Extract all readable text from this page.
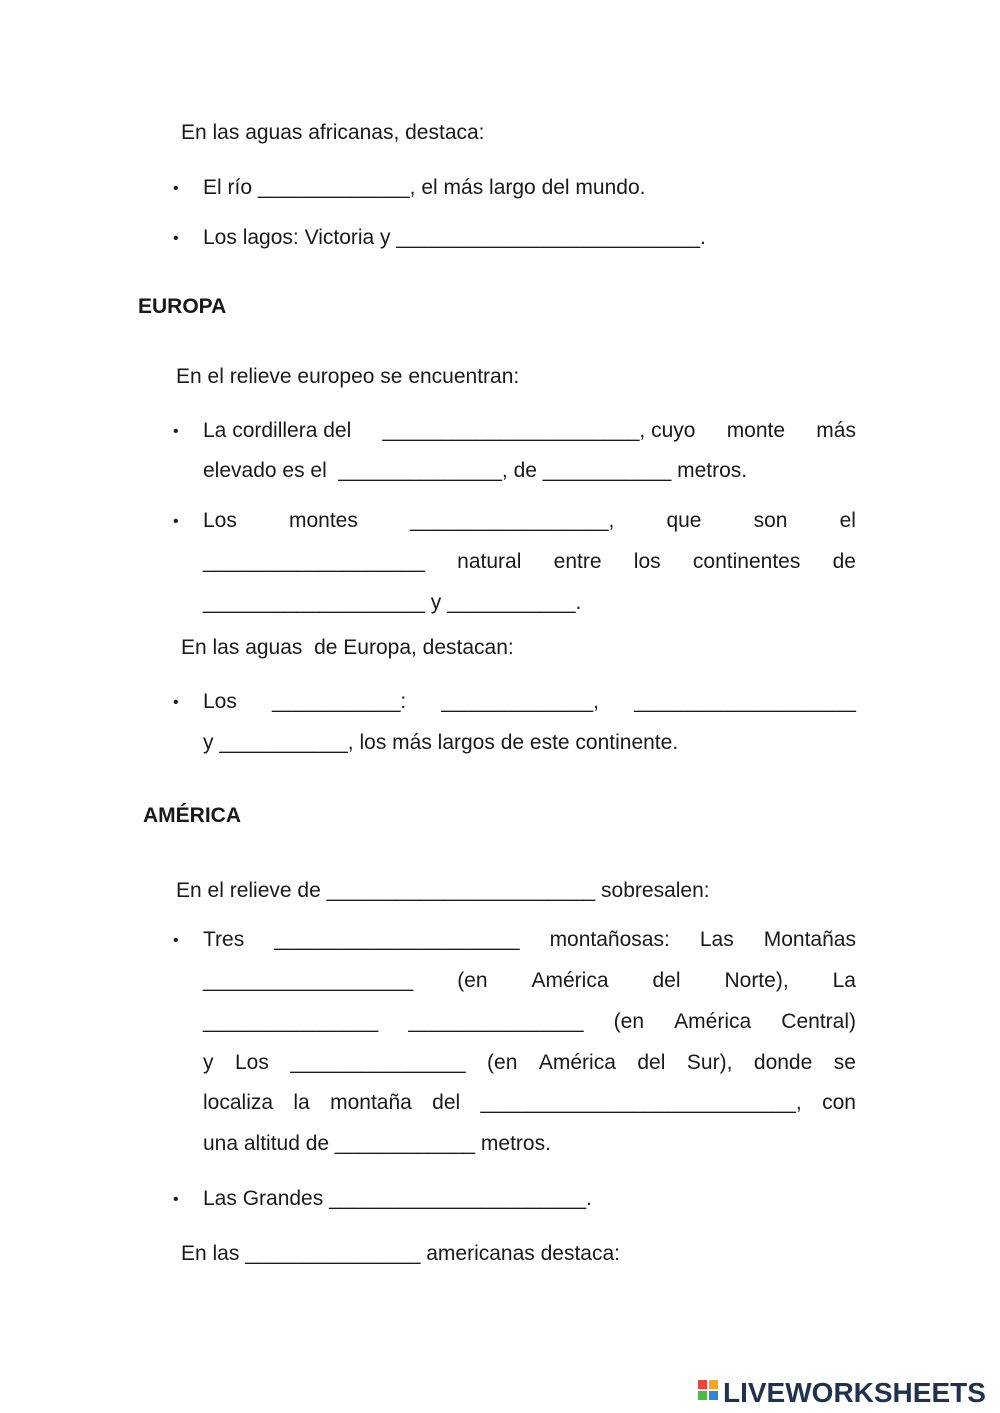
En las aguas africanas, destaca:
• El río _____________, el más largo del mundo.
• Los lagos: Victoria y __________________________.
EUROPA
En el relieve europeo se encuentran:
• La cordillera del ______________________, cuyo monte más
elevado es el  ______________, de ___________ metros.
• Los montes _________________, que son el
___________________ natural entre los continentes de
___________________ y ___________.
En las aguas  de Europa, destacan:
• Los ___________: _____________, ___________________
y ___________, los más largos de este continente.
AMÉRICA
En el relieve de _______________________ sobresalen:
• Tres _____________________ montañosas: Las Montañas
__________________ (en América del Norte), La
_______________ _______________ (en América Central)
y Los _______________ (en América del Sur), donde se
localiza la montaña del ___________________________, con
una altitud de ____________ metros.
• Las Grandes ______________________.
En las _______________ americanas destaca:
LIVEWORKSHEETS
